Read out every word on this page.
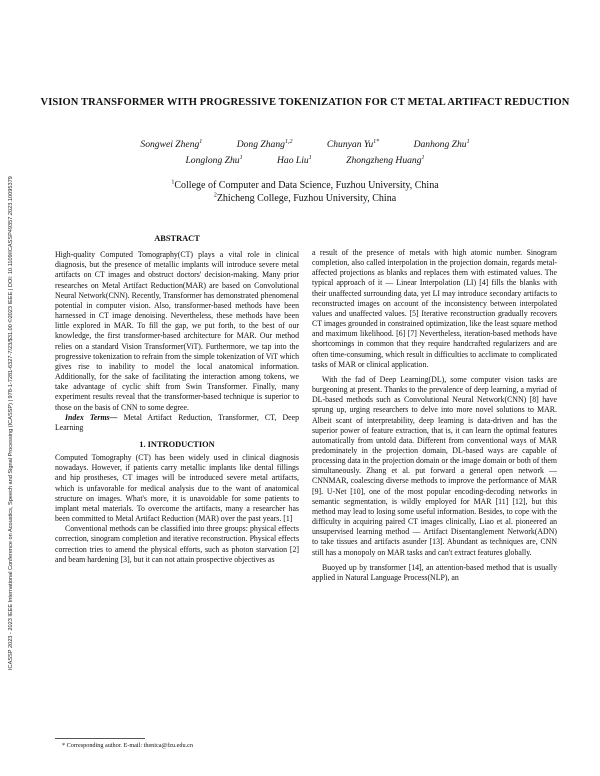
ICASSP 2023 - 2023 IEEE International Conference on Acoustics, Speech and Signal Processing (ICASSP) | 978-1-7281-6327-7/23/$31.00 ©2023 IEEE | DOI: 10.1109/ICASSP49357.2023.10095379
VISION TRANSFORMER WITH PROGRESSIVE TOKENIZATION FOR CT METAL ARTIFACT REDUCTION
Songwei Zheng$^1$	Dong Zhang$^{1,2}$	Chunyan $Yu^{1*}$	Danhong Zhu$^1$
Longlong Zhu$^1$	Hao Liu$^1$	Zhongzheng Huang$^1$
$^1$College of Computer and Data Science, Fuzhou University, China
$^2$Zhicheng College, Fuzhou University, China
ABSTRACT

High-quality Computed Tomography(CT) plays a vital role in clinical diagnosis, but the presence of metallic implants will introduce severe metal artifacts on CT images and obstruct doctors' decision-making. Many prior researches on Metal Artifact Reduction(MAR) are based on Convolutional Neural Network(CNN). Recently, Transformer has demonstrated phenomenal potential in computer vision. Also, transformer-based methods have been harnessed in CT image denoising. Nevertheless, these methods have been little explored in MAR. To fill the gap, we put forth, to the best of our knowledge, the first transformer-based architecture for MAR. Our method relies on a standard Vision Transformer(ViT). Furthermore, we tap into the progressive tokenization to refrain from the simple tokenization of ViT which gives rise to inability to model the local anatomical information. Additionally, for the sake of facilitating the interaction among tokens, we take advantage of cyclic shift from Swin Transformer. Finally, many experiment results reveal that the transformer-based technique is superior to those on the basis of CNN to some degree.

Index Terms— Metal Artifact Reduction, Transformer, CT, Deep Learning

1. INTRODUCTION

Computed Tomography (CT) has been widely used in clinical diagnosis nowadays. However, if patients carry metallic implants like dental fillings and hip prostheses, CT images will be introduced severe metal artifacts, which is unfavorable for medical analysis due to the want of anatomical structure on images. What's more, it is unavoidable for some patients to implant metal materials. To overcome the artifacts, many a researcher has been committed to Metal Artifact Reduction (MAR) over the past years. [1]

Conventional methods can be classified into three groups: physical effects correction, sinogram completion and iterative reconstruction. Physical effects correction tries to amend the physical efforts, such as photon starvation [2] and beam hardening [3], but it can not attain prospective objectives as

a result of the presence of metals with high atomic number. Sinogram completion, also called interpolation in the projection domain, regards metal-affected projections as blanks and replaces them with estimated values. The typical approach of it — Linear Interpolation (LI) [4] fills the blanks with their unaffected surrounding data, yet LI may introduce secondary artifacts to reconstructed images on account of the inconsistency between interpolated values and unaffected values. [5] Iterative reconstruction gradually recovers CT images grounded in constrained optimization, like the least square method and maximum likelihood. [6] [7] Nevertheless, iteration-based methods have shortcomings in common that they require handcrafted regularizers and are often time-consuming, which result in difficulties to acclimate to complicated tasks of MAR or clinical application.

With the fad of Deep Learning(DL), some computer vision tasks are burgeoning at present. Thanks to the prevalence of deep learning, a myriad of DL-based methods such as Convolutional Neural Network(CNN) [8] have sprung up, urging researchers to delve into more novel solutions to MAR. Albeit scant of interpretability, deep learning is data-driven and has the superior power of feature extraction, that is, it can learn the optimal features automatically from untold data. Different from conventional ways of MAR predominately in the projection domain, DL-based ways are capable of processing data in the projection domain or the image domain or both of them simultaneously. Zhang et al. put forward a general open network — CNNMAR, coalescing diverse methods to improve the performance of MAR [9]. U-Net [10], one of the most popular encoding-decoding networks in semantic segmentation, is wildly employed for MAR [11] [12], but this method may lead to losing some useful information. Besides, to cope with the difficulty in acquiring paired CT images clinically, Liao et al. pioneered an unsupervised learning method — Artifact Disentanglement Network(ADN) to take tissues and artifacts asunder [13]. Abundant as techniques are, CNN still has a monopoly on MAR tasks and can't extract features globally.

Buoyed up by transformer [14], an attention-based method that is usually applied in Natural Language Process(NLP), an

* Corresponding author. E-mail: thenica@fzu.edu.cn
